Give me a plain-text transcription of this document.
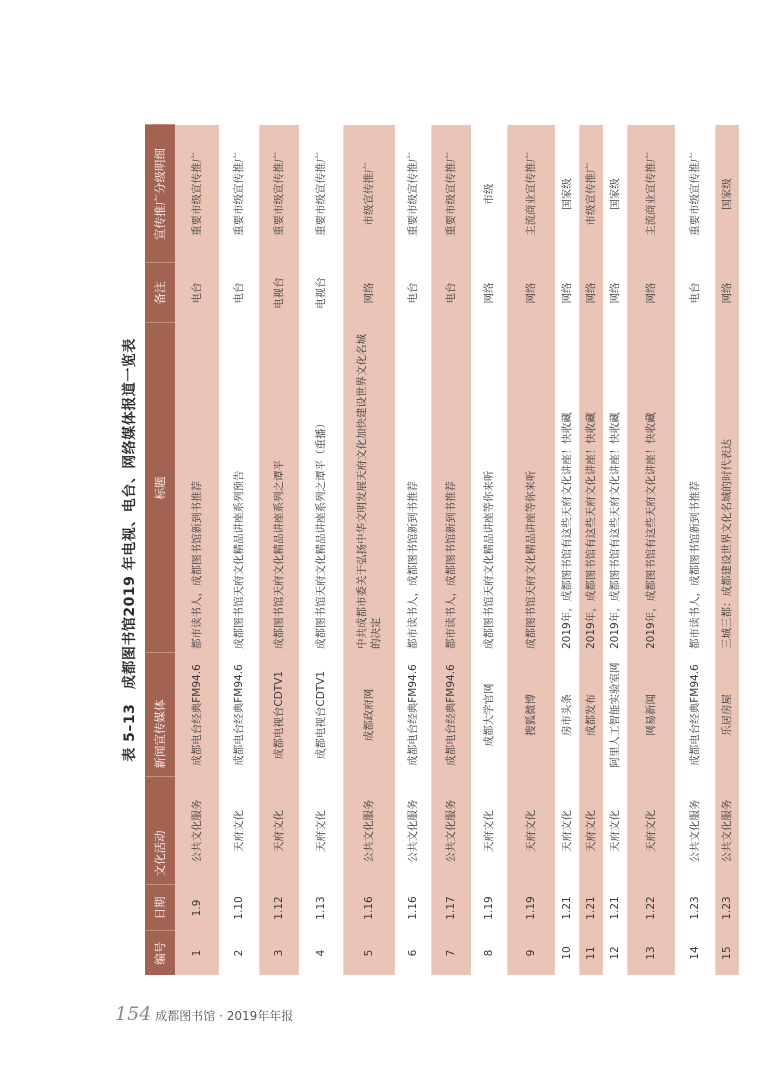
表 5–13　成都图书馆2019 年电视、电台、网络媒体报道一览表
编号	日期	文化活动	新闻宣传媒体	标题	备注	宣传推广分级明细
1	1.9	公共文化服务	成都电台经典FM94.6	都市读书人，成都图书馆新到书推荐	电台	重要市级宣传推广
2	1.10	天府文化	成都电台经典FM94.6	成都图书馆天府文化精品讲座系列预告	电台	重要市级宣传推广
3	1.12	天府文化	成都电视台CDTV1	成都图书馆天府文化精品讲座系列之谭平	电视台	重要市级宣传推广
4	1.13	天府文化	成都电视台CDTV1	成都图书馆天府文化精品讲座系列之谭平（重播）	电视台	重要市级宣传推广
5	1.16	公共文化服务	成都政府网	中共成都市委关于弘扬中华文明发展天府文化加快建设世界文化名城的决定	网络	市级宣传推广
6	1.16	公共文化服务	成都电台经典FM94.6	都市读书人，成都图书馆新到书推荐	电台	重要市级宣传推广
7	1.17	公共文化服务	成都电台经典FM94.6	都市读书人，成都图书馆新到书推荐	电台	重要市级宣传推广
8	1.19	天府文化	成都大学官网	成都图书馆天府文化精品讲座等你来听	网络	市级
9	1.19	天府文化	搜狐微博	成都图书馆天府文化精品讲座等你来听	网络	主流商业宣传推广
10	1.21	天府文化	房市头条	2019年，成都图书馆有这些天府文化讲座！快收藏	网络	国家级
11	1.21	天府文化	成都发布	2019年，成都图书馆有这些天府文化讲座！快收藏	网络	市级宣传推广
12	1.21	天府文化	阿里人工智能实验室网	2019年，成都图书馆有这些天府文化讲座！快收藏	网络	国家级
13	1.22	天府文化	网易新闻	2019年，成都图书馆有这些天府文化讲座！快收藏	网络	主流商业宣传推广
14	1.23	公共文化服务	成都电台经典FM94.6	都市读书人，成都图书馆新到书推荐	电台	重要市级宣传推广
15	1.23	公共文化服务	乐居房屋	三城三都：成都建设世界文化名城的时代表达	网络	国家级
154 成都图书馆 · 2019年年报
